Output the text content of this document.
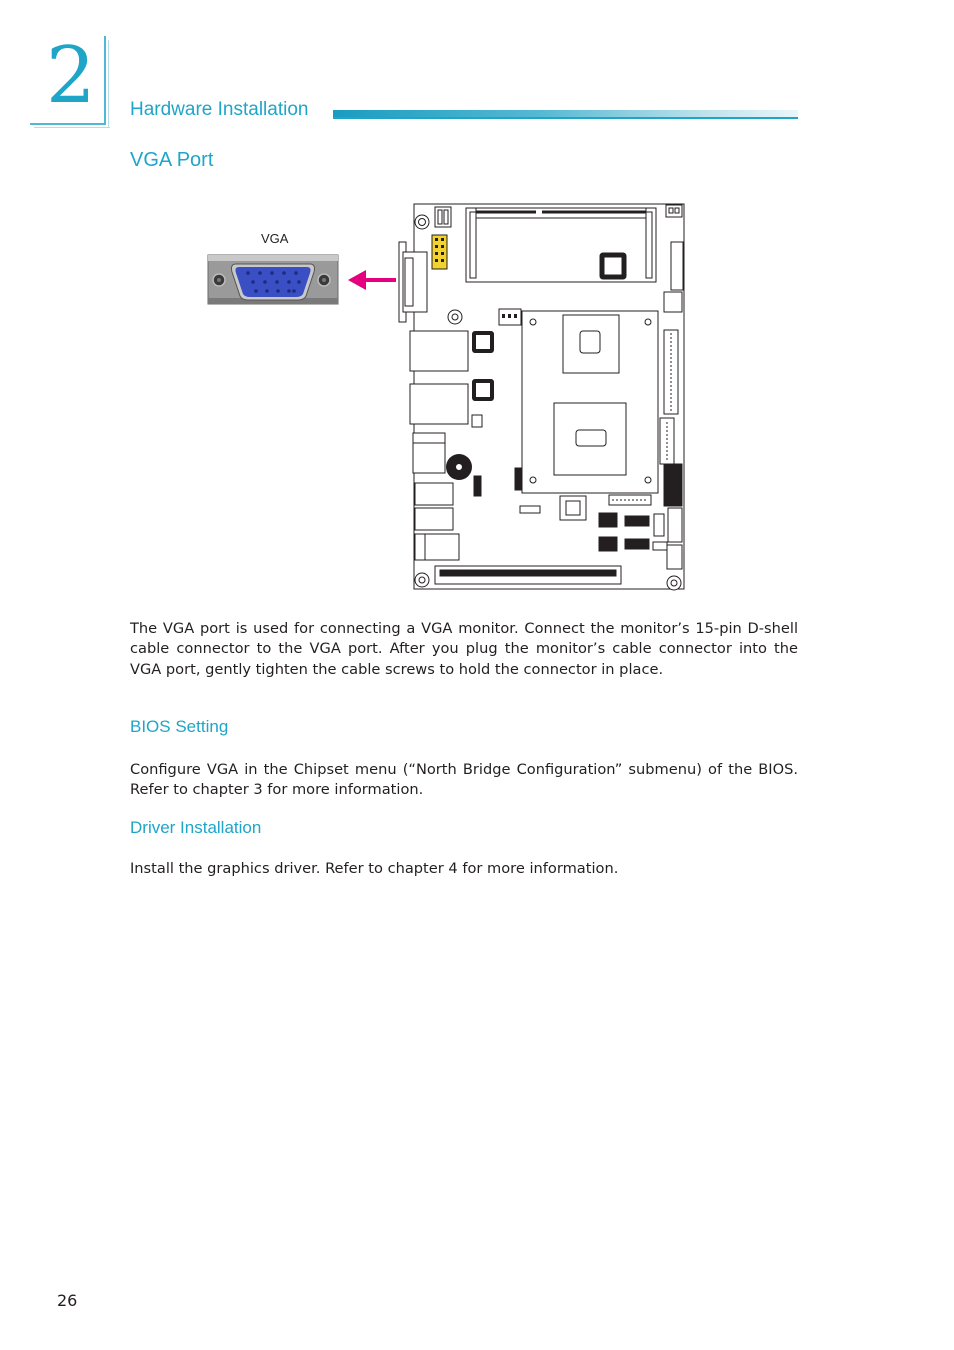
2 Hardware Installation
VGA Port
VGA

The VGA port is used for connecting a VGA monitor. Connect the monitor’s 15-pin D-shell cable connector to the VGA port. After you plug the monitor’s cable connector into the VGA port, gently tighten the cable screws to hold the connector in place.

BIOS Setting

Configure VGA in the Chipset menu (“North Bridge Configuration” submenu) of the BIOS. Refer to chapter 3 for more information.

Driver Installation

Install the graphics driver. Refer to chapter 4 for more information.

26
